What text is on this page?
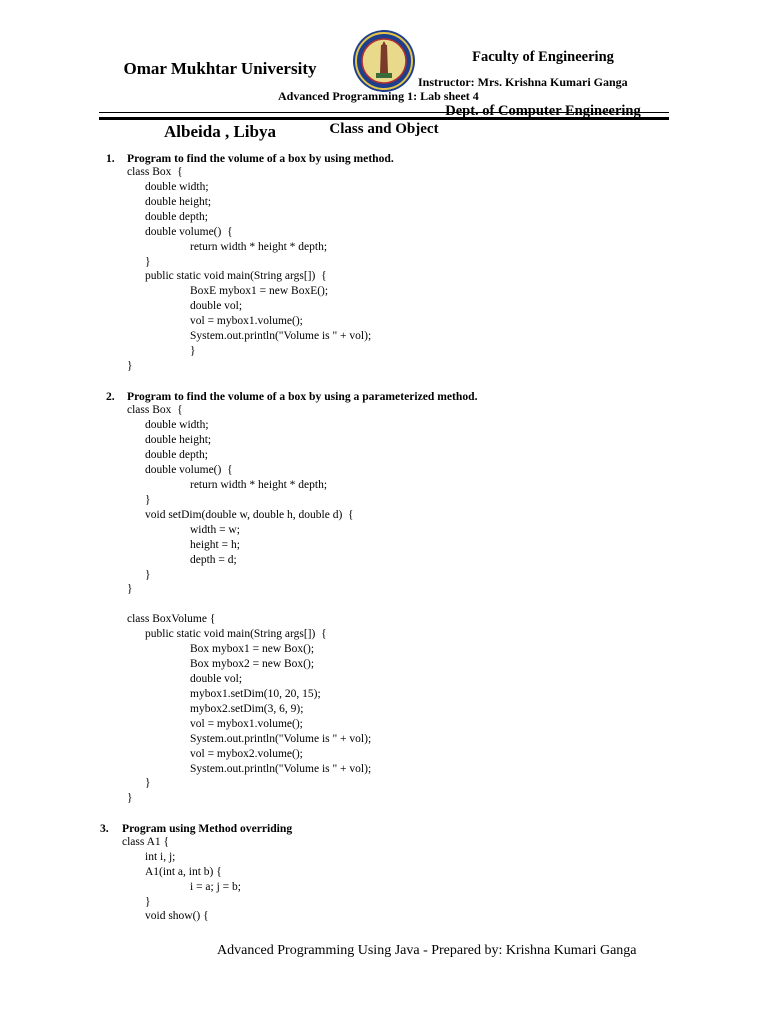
Omar Mukhtar University

Albeida , Libya

Faculty of Engineering

Dept. of Computer Engineering

Instructor: Mrs. Krishna Kumari Ganga
Advanced Programming 1: Lab sheet 4
Class and Object
1. Program to find the volume of a box by using method.
class Box  {
double width;
double height;
double depth;
double volume()  {
return width * height * depth;
}
public static void main(String args[])  {
BoxE mybox1 = new BoxE();
double vol;
vol = mybox1.volume();
System.out.println("Volume is " + vol);
}
}
2. Program to find the volume of a box by using a parameterized method.
class Box  {
double width;
double height;
double depth;
double volume()  {
return width * height * depth;
}
void setDim(double w, double h, double d)  {
width = w;
height = h;
depth = d;
}
}
class BoxVolume {
public static void main(String args[])  {
Box mybox1 = new Box();
Box mybox2 = new Box();
double vol;
mybox1.setDim(10, 20, 15);
mybox2.setDim(3, 6, 9);
vol = mybox1.volume();
System.out.println("Volume is " + vol);
vol = mybox2.volume();
System.out.println("Volume is " + vol);
}
}
3. Program using Method overriding
class A1 {
int i, j;
A1(int a, int b) {
i = a; j = b;
}
void show() {
Advanced Programming Using Java - Prepared by: Krishna Kumari Ganga
